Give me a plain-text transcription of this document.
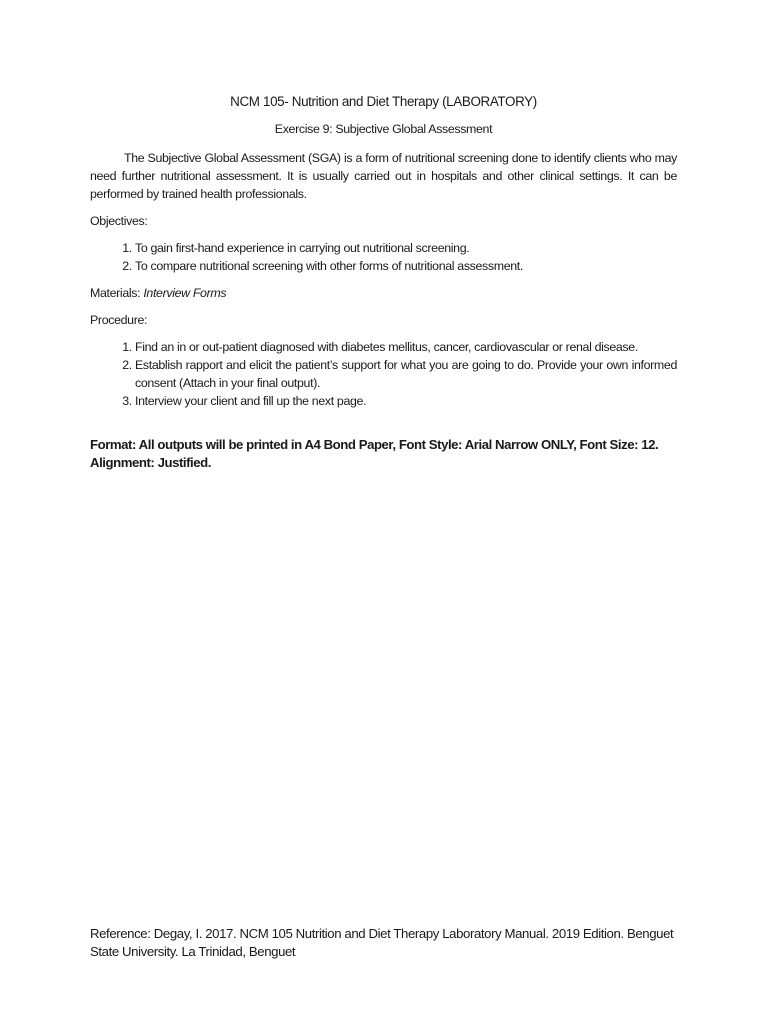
NCM 105- Nutrition and Diet Therapy (LABORATORY)
Exercise 9: Subjective Global Assessment

The Subjective Global Assessment (SGA) is a form of nutritional screening done to identify clients who may need further nutritional assessment. It is usually carried out in hospitals and other clinical settings. It can be performed by trained health professionals.

Objectives:

1. To gain first-hand experience in carrying out nutritional screening.
2. To compare nutritional screening with other forms of nutritional assessment.

Materials: Interview Forms

Procedure:

1. Find an in or out-patient diagnosed with diabetes mellitus, cancer, cardiovascular or renal disease.
2. Establish rapport and elicit the patient’s support for what you are going to do. Provide your own informed consent (Attach in your final output).
3. Interview your client and fill up the next page.

Format: All outputs will be printed in A4 Bond Paper, Font Style: Arial Narrow ONLY, Font Size: 12. Alignment: Justified.

Reference: Degay, I. 2017. NCM 105 Nutrition and Diet Therapy Laboratory Manual. 2019 Edition. Benguet State University. La Trinidad, Benguet
